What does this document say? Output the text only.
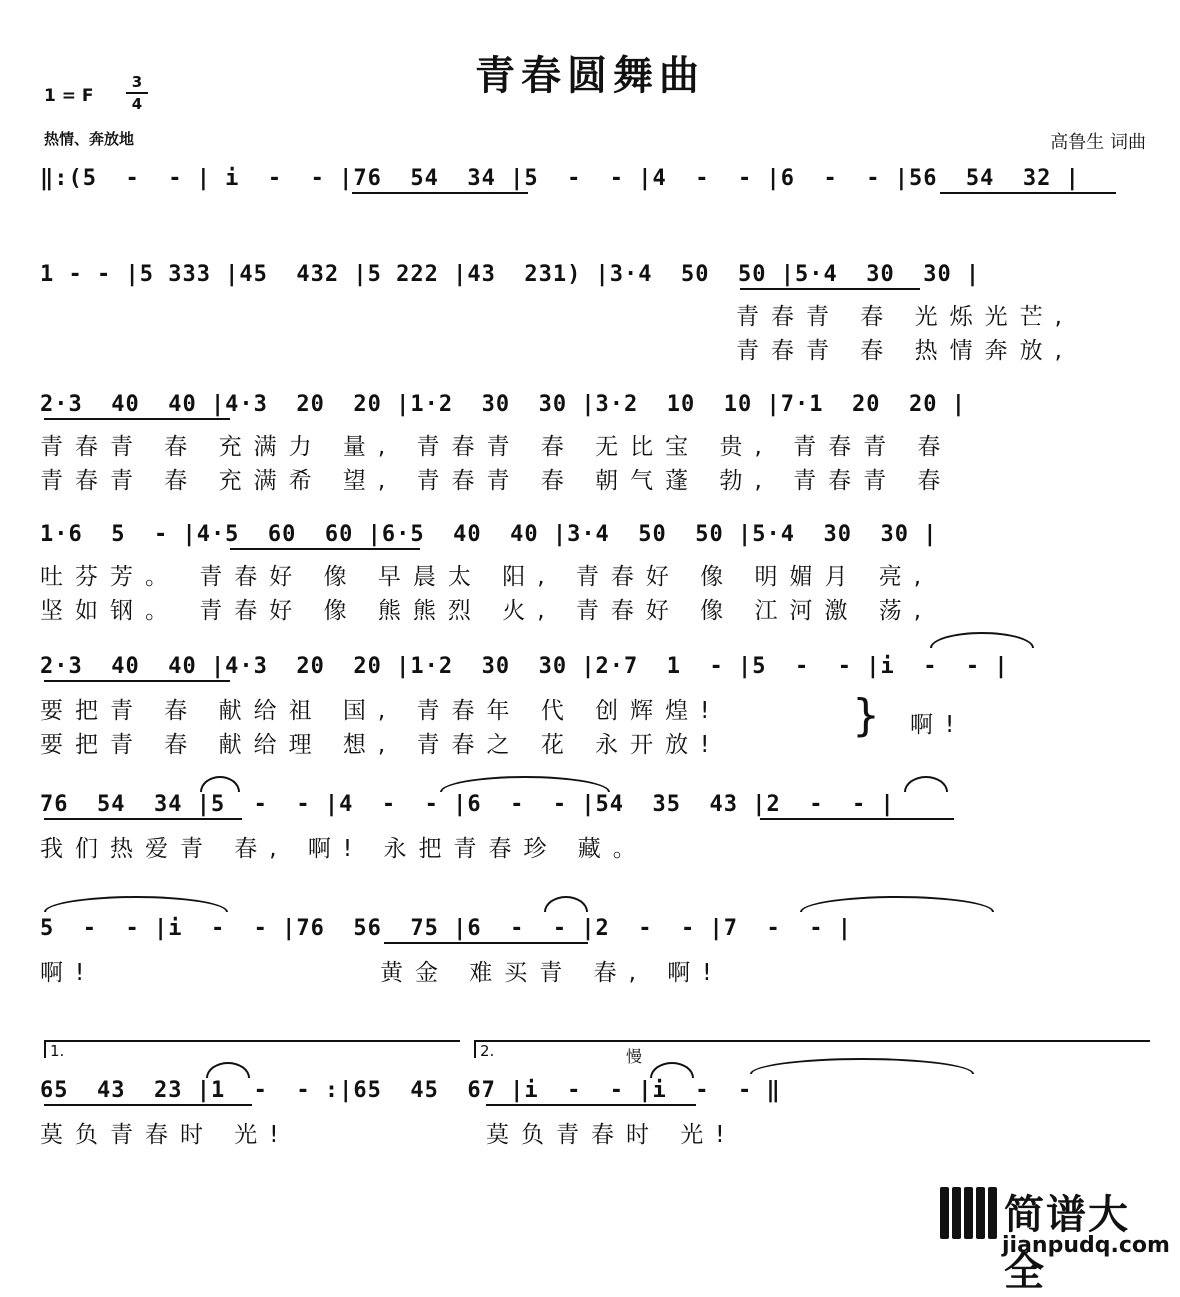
青春圆舞曲
1 = F
3
4
热情、奔放地	高鲁生 词曲
‖:(5  -  - | i  -  - |76  54  34 |5  -  - |4  -  - |6  -  - |56  54  32 |
1 - - |5 333 |45  432 |5 222 |43  231) |3·4  50  50 |5·4  30  30 |
青春青 春 光烁光芒,
青春青 春 热情奔放,
2·3  40  40 |4·3  20  20 |1·2  30  30 |3·2  10  10 |7·1  20  20 |
青春青 春 充满力 量, 青春青 春 无比宝 贵, 青春青 春
青春青 春 充满希 望, 青春青 春 朝气蓬 勃, 青春青 春
1·6  5  - |4·5  60  60 |6·5  40  40 |3·4  50  50 |5·4  30  30 |
吐芬芳。 青春好 像 早晨太 阳, 青春好 像 明媚月 亮,
坚如钢。 青春好 像 熊熊烈 火, 青春好 像 江河激 荡,
2·3  40  40 |4·3  20  20 |1·2  30  30 |2·7  1  - |5  -  - |i  -  - |
要把青 春 献给祖 国, 青春年 代 创辉煌!
要把青 春 献给理 想, 青春之 花 永开放!
} 啊!
76  54  34 |5  -  - |4  -  - |6  -  - |54  35  43 |2  -  - |
我们热爱青 春, 啊! 永把青春珍 藏。
5  -  - |i  -  - |76  56  75 |6  -  - |2  -  - |7  -  - |
啊!	黄金 难买青 春, 啊!
1.	2.	慢
65  43  23 |1  -  - :|65  45  67 |i  -  - |i  -  - ‖
莫负青春时 光!	莫负青春时 光!
简谱大全
jianpudq.com
